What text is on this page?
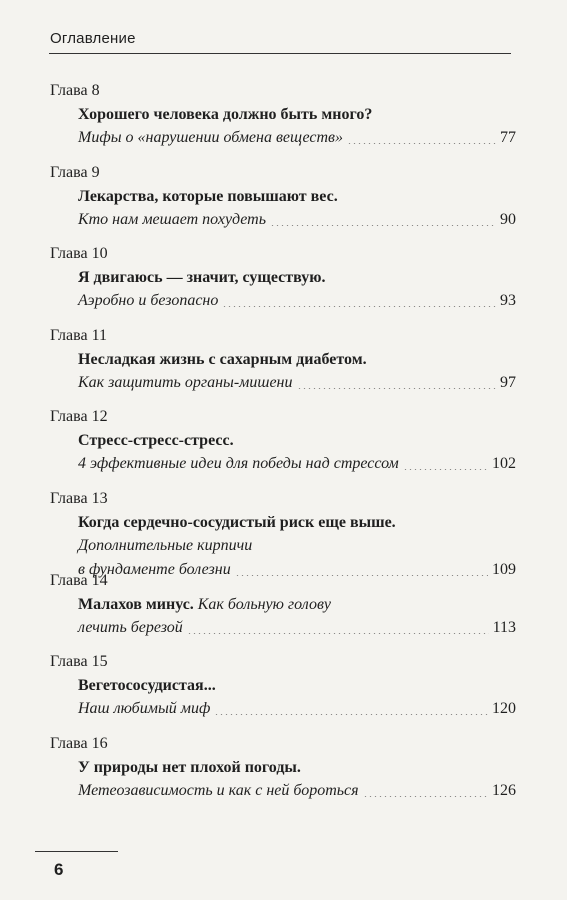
Оглавление
Глава 8
Хорошего человека должно быть много?
Мифы о «нарушении обмена веществ»	77
Глава 9
Лекарства, которые повышают вес.
Кто нам мешает похудеть	90
Глава 10
Я двигаюсь — значит, существую.
Аэробно и безопасно	93
Глава 11
Несладкая жизнь с сахарным диабетом.
Как защитить органы-мишени	97
Глава 12
Стресс-стресс-стресс.
4 эффективные идеи для победы над стрессом	102
Глава 13
Когда сердечно-сосудистый риск еще выше.
Дополнительные кирпичи
в фундаменте болезни	109
Глава 14
Малахов минус. Как больную голову
лечить березой	113
Глава 15
Вегетососудистая...
Наш любимый миф	120
Глава 16
У природы нет плохой погоды.
Метеозависимость и как с ней бороться	126
6
